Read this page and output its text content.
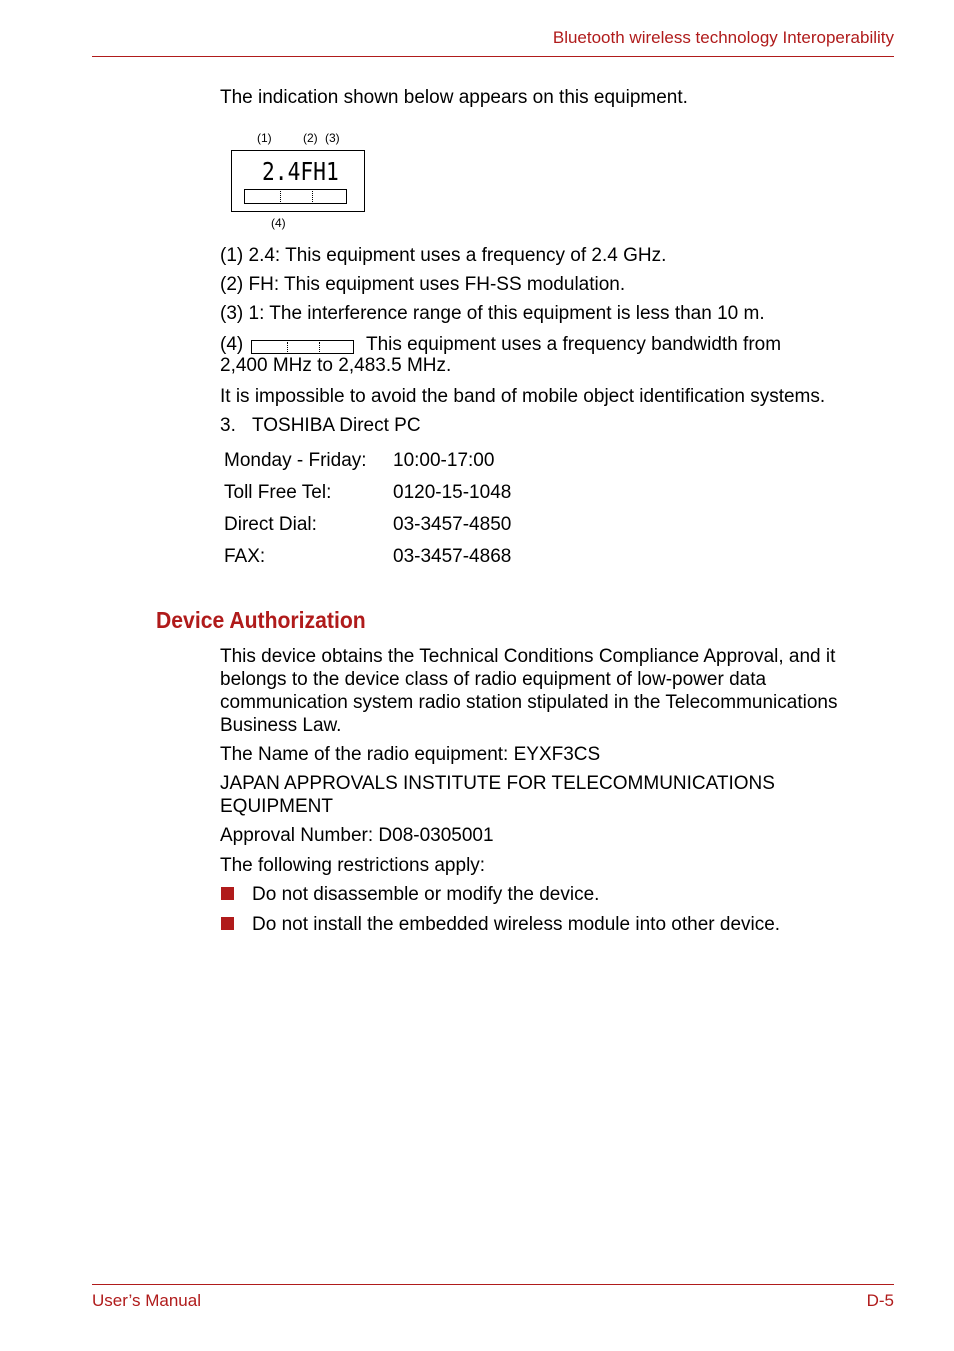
Bluetooth wireless technology Interoperability
The indication shown below appears on this equipment.
(1)	(2) (3)
2.4FH1
(4)
(1) 2.4: This equipment uses a frequency of 2.4 GHz.
(2) FH: This equipment uses FH-SS modulation.
(3) 1: The interference range of this equipment is less than 10 m.
(4)	This equipment uses a frequency bandwidth from
2,400 MHz to 2,483.5 MHz.
It is impossible to avoid the band of mobile object identification systems.
3. TOSHIBA Direct PC
Monday - Friday: 10:00-17:00
Toll Free Tel:	0120-15-1048
Direct Dial:	03-3457-4850
FAX:	03-3457-4868
Device Authorization
This device obtains the Technical Conditions Compliance Approval, and it belongs to the device class of radio equipment of low-power data communication system radio station stipulated in the Telecommunications Business Law.
The Name of the radio equipment: EYXF3CS
JAPAN APPROVALS INSTITUTE FOR TELECOMMUNICATIONS EQUIPMENT
Approval Number: D08-0305001
The following restrictions apply:
Do not disassemble or modify the device.
Do not install the embedded wireless module into other device.
User’s Manual	D-5
